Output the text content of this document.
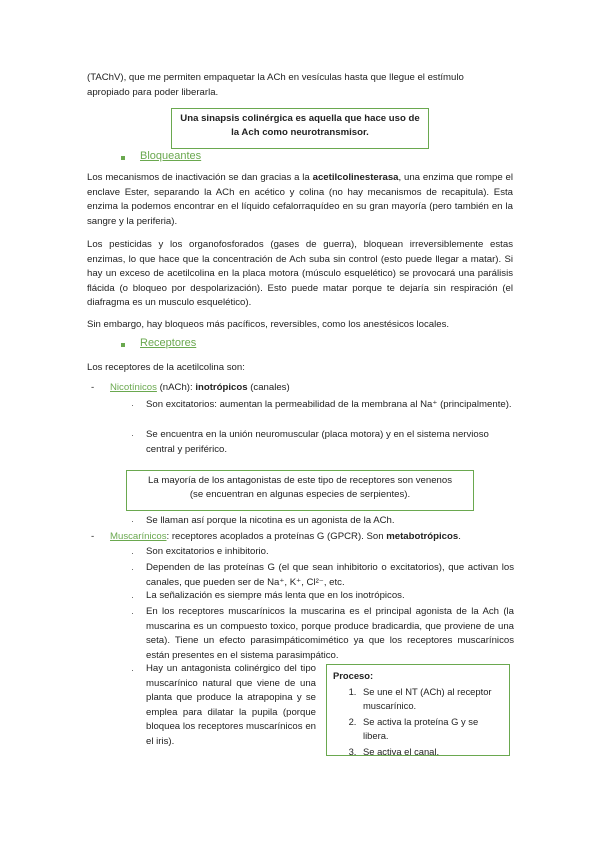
(TAChV), que me permiten empaquetar la ACh en vesículas hasta que llegue el estímulo
apropiado para poder liberarla.
Una sinapsis colinérgica es aquella que hace uso de
la Ach como neurotransmisor.
Bloqueantes
Los mecanismos de inactivación se dan gracias a la acetilcolinesterasa, una enzima que rompe el enclave Ester, separando la ACh en acético y colina (no hay mecanismos de recapitula). Esta enzima la podemos encontrar en el líquido cefalorraquídeo en su gran mayoría (pero también en la sangre y la periferia).
Los pesticidas y los organofosforados (gases de guerra), bloquean irreversiblemente estas enzimas, lo que hace que la concentración de Ach suba sin control (esto puede llegar a matar). Si hay un exceso de acetilcolina en la placa motora (músculo esquelético) se provocará una parálisis flácida (o bloqueo por despolarización). Esto puede matar porque te dejaría sin respiración (el diafragma es un musculo esquelético).
Sin embargo, hay bloqueos más pacíficos, reversibles, como los anestésicos locales.
Receptores
Los receptores de la acetilcolina son:
- Nicotínicos (nACh): inotrópicos (canales)
· Son excitatorios: aumentan la permeabilidad de la membrana al Na⁺ (principalmente).
· Se encuentra en la unión neuromuscular (placa motora) y en el sistema nervioso central y periférico.
La mayoría de los antagonistas de este tipo de receptores son venenos
(se encuentran en algunas especies de serpientes).
· Se llaman así porque la nicotina es un agonista de la ACh.
- Muscarínicos: receptores acoplados a proteínas G (GPCR). Son metabotrópicos.
· Son excitatorios e inhibitorio.
· Dependen de las proteínas G (el que sean inhibitorio o excitatorios), que activan los canales, que pueden ser de Na⁺, K⁺, Cl²⁻, etc.
· La señalización es siempre más lenta que en los inotrópicos.
· En los receptores muscarínicos la muscarina es el principal agonista de la Ach (la muscarina es un compuesto toxico, porque produce bradicardia, que proviene de una seta). Tiene un efecto parasimpáticomimético ya que los receptores muscarínicos están presentes en el sistema parasimpático.
· Hay un antagonista colinérgico del tipo muscarínico natural que viene de una planta que produce la atrapopina y se emplea para dilatar la pupila (porque bloquea los receptores muscarínicos en el iris).
Proceso:
1. Se une el NT (ACh) al receptor muscarínico.
2. Se activa la proteína G y se libera.
3. Se activa el canal.
